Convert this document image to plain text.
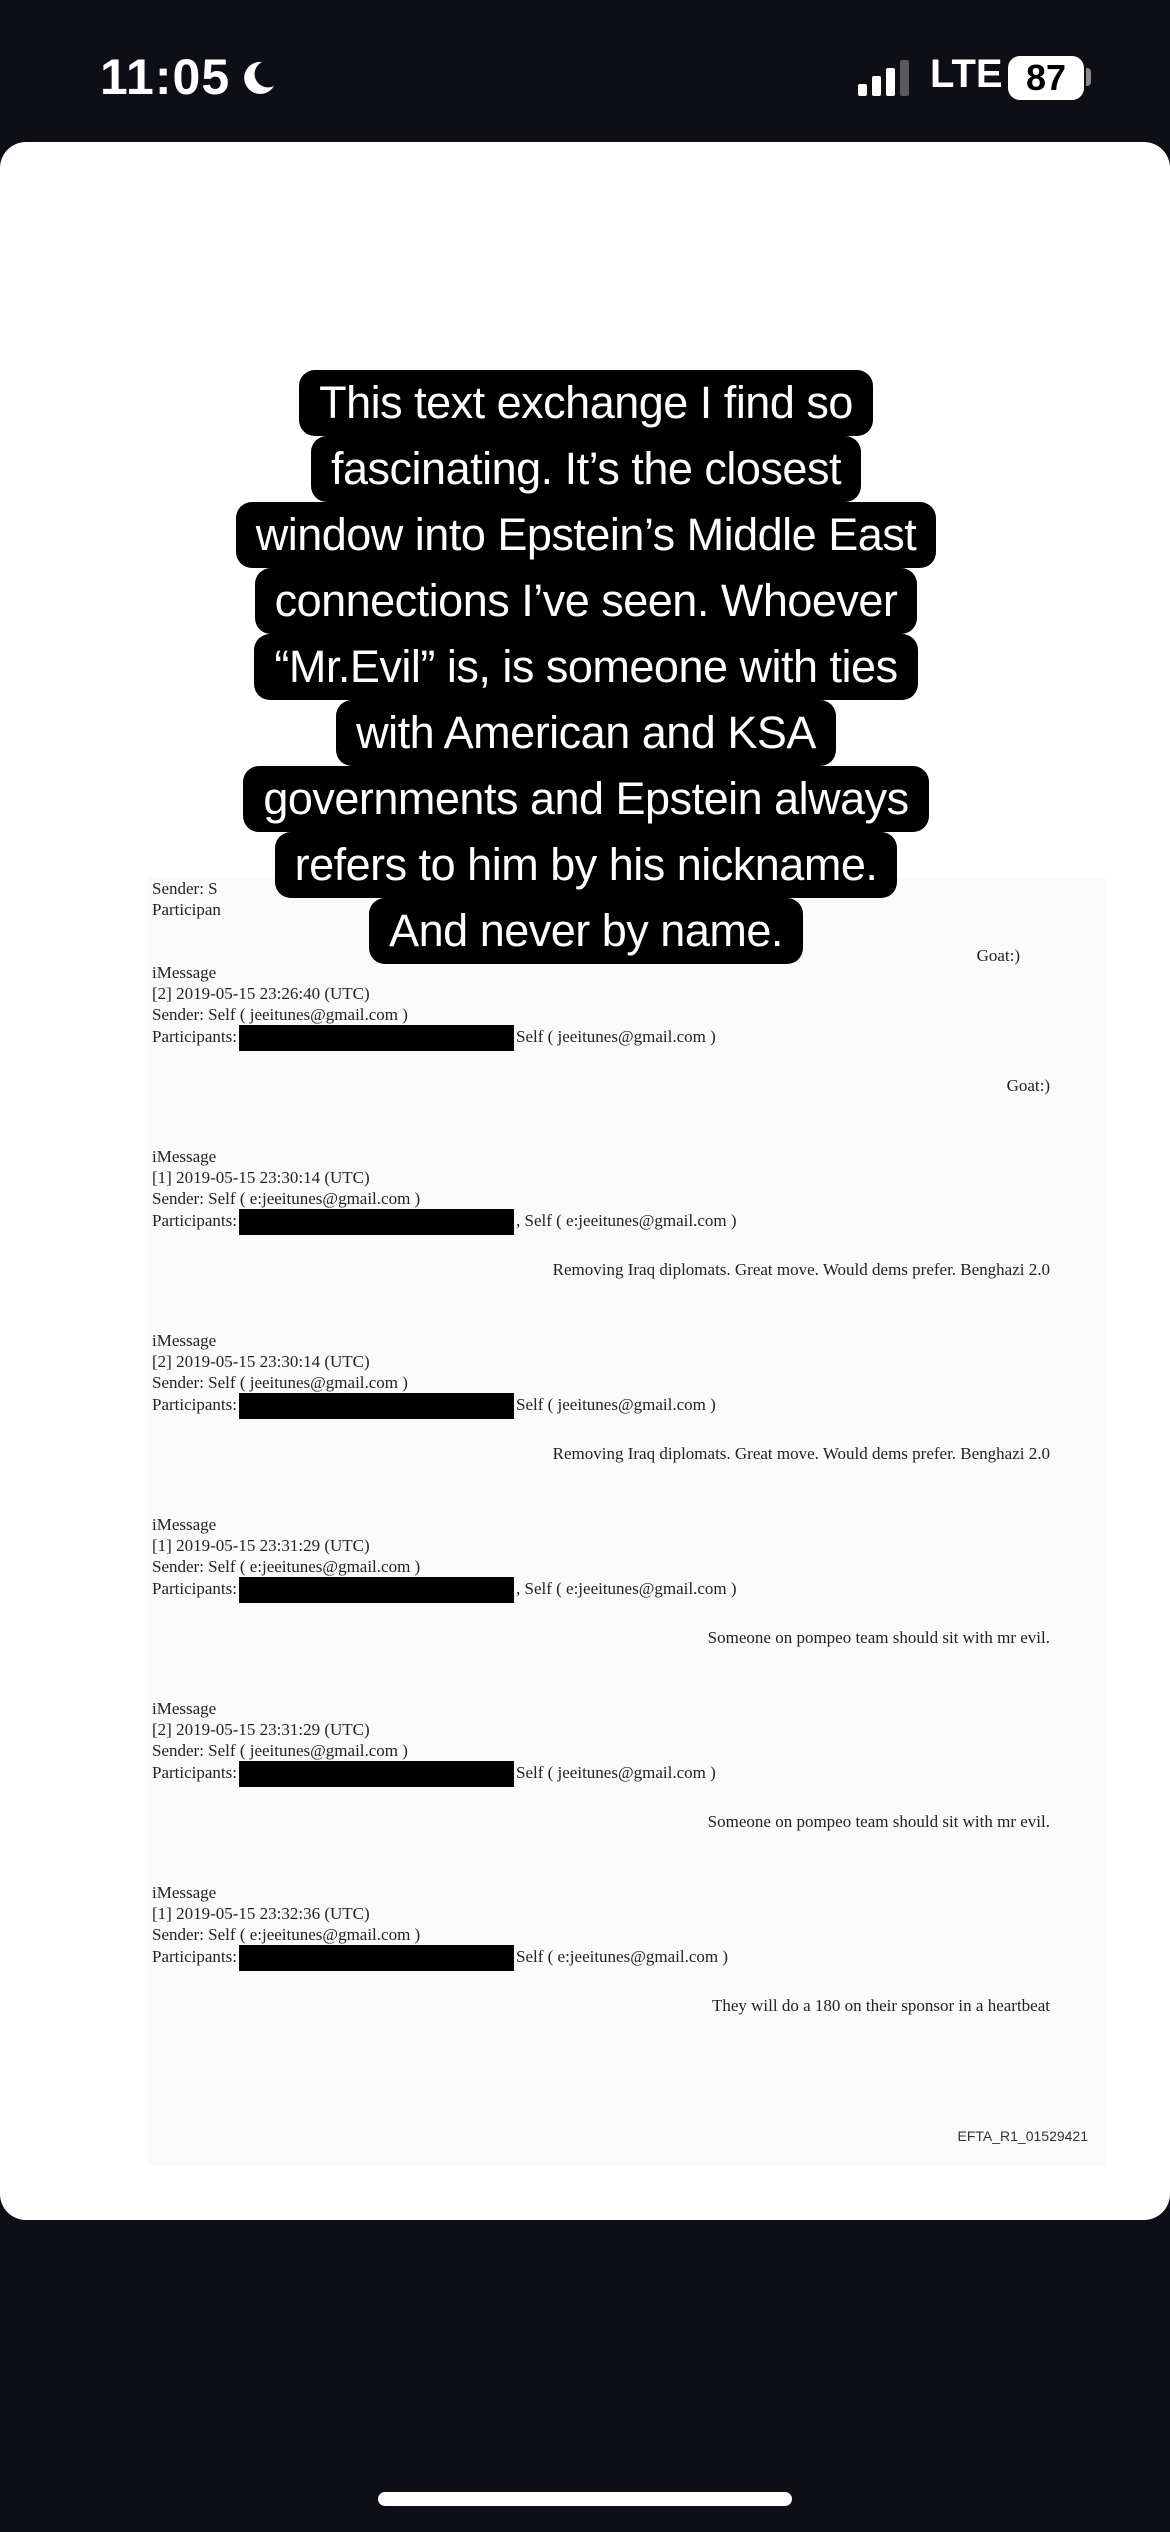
11:05	LTE 87
Sender: S
Participan
Goat:)
iMessage
[2] 2019-05-15 23:26:40 (UTC)
Sender: Self ( jeeitunes@gmail.com )
Participants:	Self ( jeeitunes@gmail.com )
Goat:)
iMessage
[1] 2019-05-15 23:30:14 (UTC)
Sender: Self ( e:jeeitunes@gmail.com )
Participants:	, Self ( e:jeeitunes@gmail.com )
Removing Iraq diplomats. Great move. Would dems prefer. Benghazi 2.0
iMessage
[2] 2019-05-15 23:30:14 (UTC)
Sender: Self ( jeeitunes@gmail.com )
Participants:	Self ( jeeitunes@gmail.com )
Removing Iraq diplomats. Great move. Would dems prefer. Benghazi 2.0
iMessage
[1] 2019-05-15 23:31:29 (UTC)
Sender: Self ( e:jeeitunes@gmail.com )
Participants:	, Self ( e:jeeitunes@gmail.com )
Someone on pompeo team should sit with mr evil.
iMessage
[2] 2019-05-15 23:31:29 (UTC)
Sender: Self ( jeeitunes@gmail.com )
Participants:	Self ( jeeitunes@gmail.com )
Someone on pompeo team should sit with mr evil.
iMessage
[1] 2019-05-15 23:32:36 (UTC)
Sender: Self ( e:jeeitunes@gmail.com )
Participants:	Self ( e:jeeitunes@gmail.com )
They will do a 180 on their sponsor in a heartbeat
EFTA_R1_01529421
This text exchange I find so
fascinating. It’s the closest
window into Epstein’s Middle East
connections I’ve seen. Whoever
“Mr.Evil” is, is someone with ties
with American and KSA
governments and Epstein always
refers to him by his nickname.
And never by name.
